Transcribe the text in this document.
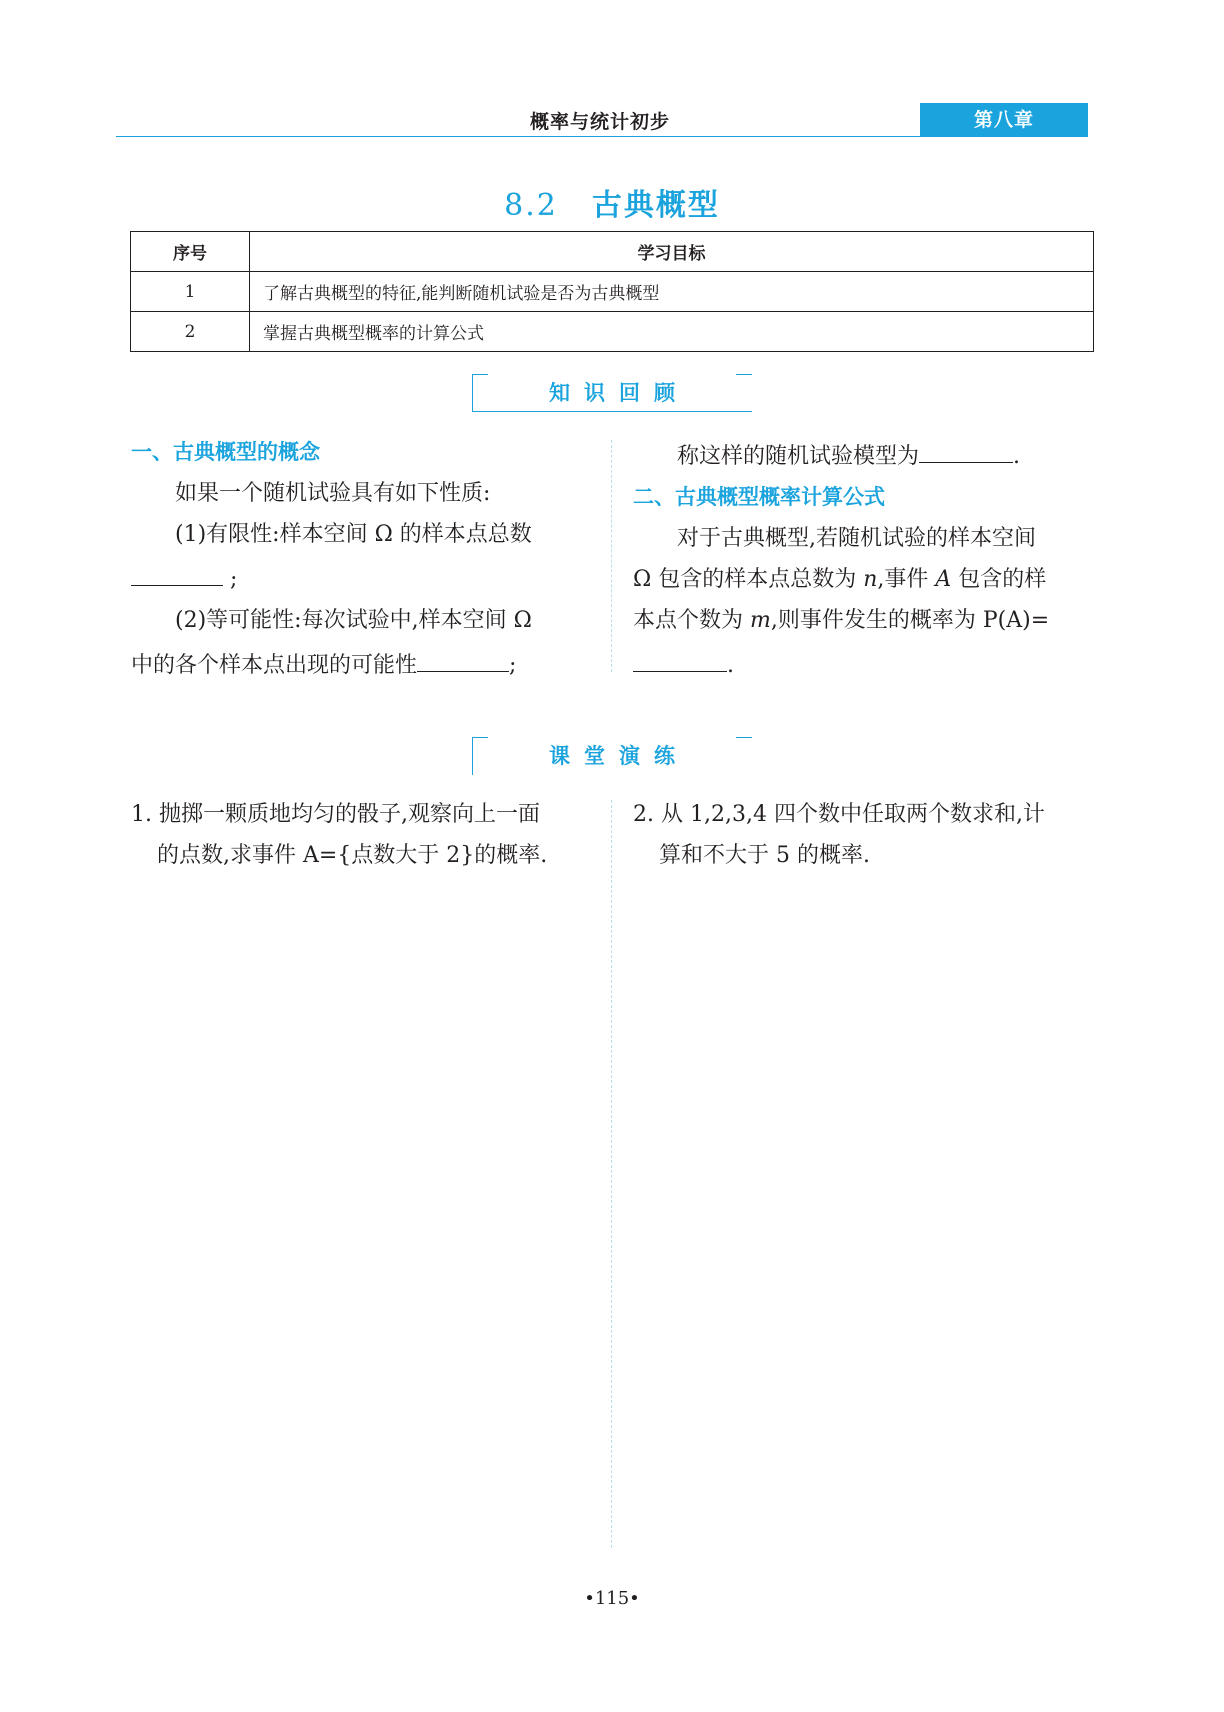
概率与统计初步	第八章
8.2 古典概型
序号	学习目标
1	了解古典概型的特征,能判断随机试验是否为古典概型
2	掌握古典概型概率的计算公式
知识回顾

一、古典概型的概念

如果一个随机试验具有如下性质:

(1)有限性:样本空间 Ω 的样本点总数

;

(2)等可能性:每次试验中,样本空间 Ω

中的各个样本点出现的可能性	;

称这样的随机试验模型为	.

二、古典概型概率计算公式

对于古典概型,若随机试验的样本空间

Ω 包含的样本点总数为 n,事件 A 包含的样

本点个数为 m,则事件发生的概率为 P(A)=

.

课堂演练
1. 抛掷一颗质地均匀的骰子,观察向上一面
的点数,求事件 A={点数大于 2}的概率.
2. 从 1,2,3,4 四个数中任取两个数求和,计
算和不大于 5 的概率.
•115•
